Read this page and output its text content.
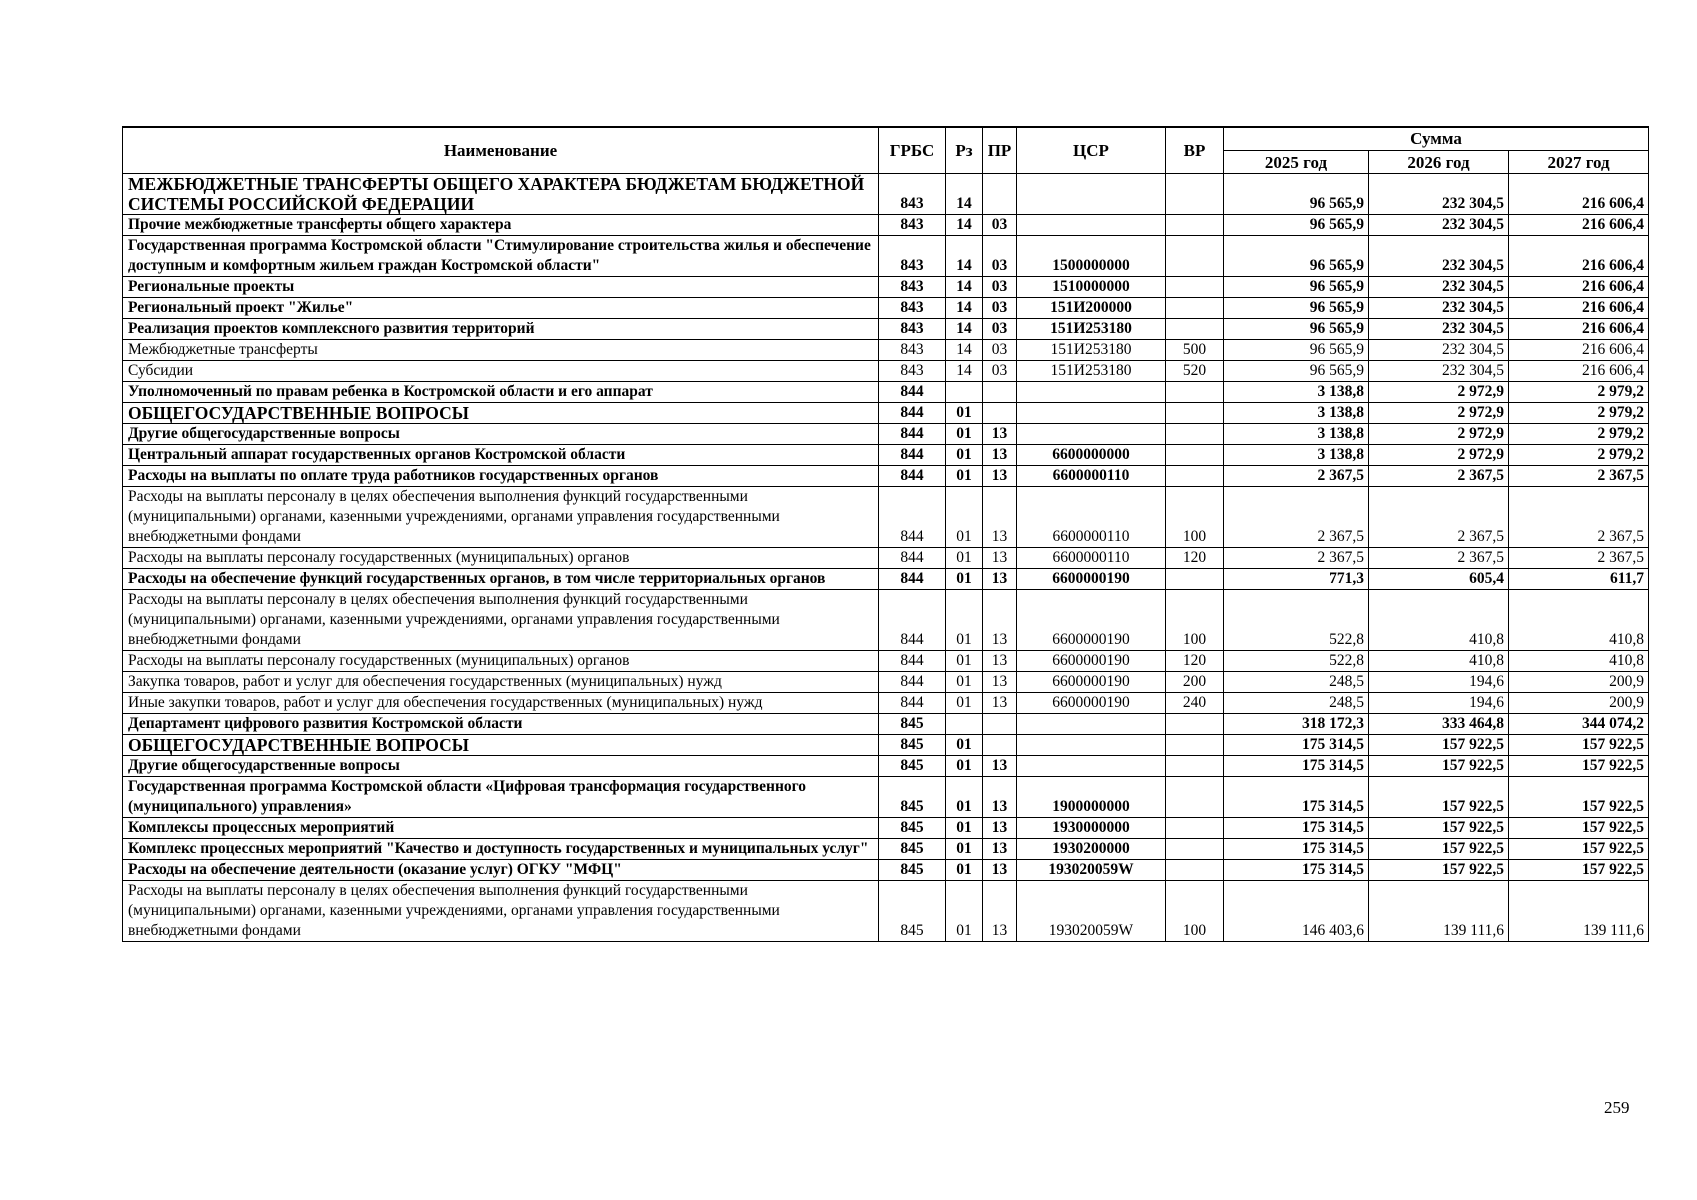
Наименование	ГРБС	Рз	ПР	ЦСР	ВР	Сумма		
						2025 год	2026 год	2027 год
МЕЖБЮДЖЕТНЫЕ ТРАНСФЕРТЫ ОБЩЕГО ХАРАКТЕРА БЮДЖЕТАМ БЮДЖЕТНОЙ СИСТЕМЫ РОССИЙСКОЙ ФЕДЕРАЦИИ	843	14				96 565,9	232 304,5	216 606,4
Прочие межбюджетные трансферты общего характера	843	14	03			96 565,9	232 304,5	216 606,4
Государственная программа Костромской области "Стимулирование строительства жилья и обеспечение доступным и комфортным жильем граждан Костромской области"	843	14	03	1500000000		96 565,9	232 304,5	216 606,4
Региональные проекты	843	14	03	1510000000		96 565,9	232 304,5	216 606,4
Региональный проект "Жилье"	843	14	03	151И200000		96 565,9	232 304,5	216 606,4
Реализация проектов комплексного развития территорий	843	14	03	151И253180		96 565,9	232 304,5	216 606,4
Межбюджетные трансферты	843	14	03	151И253180	500	96 565,9	232 304,5	216 606,4
Субсидии	843	14	03	151И253180	520	96 565,9	232 304,5	216 606,4
Уполномоченный по правам ребенка в Костромской области и его аппарат	844					3 138,8	2 972,9	2 979,2
ОБЩЕГОСУДАРСТВЕННЫЕ ВОПРОСЫ	844	01				3 138,8	2 972,9	2 979,2
Другие общегосударственные вопросы	844	01	13			3 138,8	2 972,9	2 979,2
Центральный аппарат государственных органов Костромской области	844	01	13	6600000000		3 138,8	2 972,9	2 979,2
Расходы на выплаты по оплате труда работников государственных органов	844	01	13	6600000110		2 367,5	2 367,5	2 367,5
Расходы на выплаты персоналу в целях обеспечения выполнения функций государственными (муниципальными) органами, казенными учреждениями, органами управления государственными внебюджетными фондами	844	01	13	6600000110	100	2 367,5	2 367,5	2 367,5
Расходы на выплаты персоналу государственных (муниципальных) органов	844	01	13	6600000110	120	2 367,5	2 367,5	2 367,5
Расходы на обеспечение функций государственных органов, в том числе территориальных органов	844	01	13	6600000190		771,3	605,4	611,7
Расходы на выплаты персоналу в целях обеспечения выполнения функций государственными (муниципальными) органами, казенными учреждениями, органами управления государственными внебюджетными фондами	844	01	13	6600000190	100	522,8	410,8	410,8
Расходы на выплаты персоналу государственных (муниципальных) органов	844	01	13	6600000190	120	522,8	410,8	410,8
Закупка товаров, работ и услуг для обеспечения государственных (муниципальных) нужд	844	01	13	6600000190	200	248,5	194,6	200,9
Иные закупки товаров, работ и услуг для обеспечения государственных (муниципальных) нужд	844	01	13	6600000190	240	248,5	194,6	200,9
Департамент цифрового развития Костромской области	845					318 172,3	333 464,8	344 074,2
ОБЩЕГОСУДАРСТВЕННЫЕ ВОПРОСЫ	845	01				175 314,5	157 922,5	157 922,5
Другие общегосударственные вопросы	845	01	13			175 314,5	157 922,5	157 922,5
Государственная программа Костромской области «Цифровая трансформация государственного (муниципального) управления»	845	01	13	1900000000		175 314,5	157 922,5	157 922,5
Комплексы процессных мероприятий	845	01	13	1930000000		175 314,5	157 922,5	157 922,5
Комплекс процессных мероприятий "Качество и доступность государственных и муниципальных услуг"	845	01	13	1930200000		175 314,5	157 922,5	157 922,5
Расходы на обеспечение деятельности (оказание услуг) ОГКУ "МФЦ"	845	01	13	193020059W		175 314,5	157 922,5	157 922,5
Расходы на выплаты персоналу в целях обеспечения выполнения функций государственными (муниципальными) органами, казенными учреждениями, органами управления государственными внебюджетными фондами	845	01	13	193020059W	100	146 403,6	139 111,6	139 111,6
259
